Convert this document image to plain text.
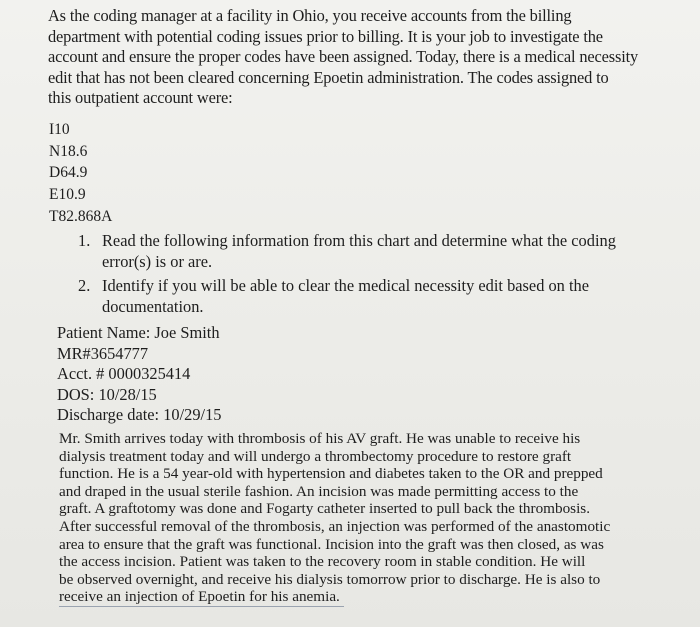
As the coding manager at a facility in Ohio, you receive accounts from the billing
department with potential coding issues prior to billing. It is your job to investigate the
account and ensure the proper codes have been assigned. Today, there is a medical necessity
edit that has not been cleared concerning Epoetin administration. The codes assigned to
this outpatient account were:
I10
N18.6
D64.9
E10.9
T82.868A
1. Read the following information from this chart and determine what the coding
error(s) is or are.
2. Identify if you will be able to clear the medical necessity edit based on the
documentation.
Patient Name: Joe Smith
MR#3654777
Acct. # 0000325414
DOS: 10/28/15
Discharge date: 10/29/15
Mr. Smith arrives today with thrombosis of his AV graft. He was unable to receive his
dialysis treatment today and will undergo a thrombectomy procedure to restore graft
function. He is a 54 year-old with hypertension and diabetes taken to the OR and prepped
and draped in the usual sterile fashion. An incision was made permitting access to the
graft. A graftotomy was done and Fogarty catheter inserted to pull back the thrombosis.
After successful removal of the thrombosis, an injection was performed of the anastomotic
area to ensure that the graft was functional. Incision into the graft was then closed, as was
the access incision. Patient was taken to the recovery room in stable condition. He will
be observed overnight, and receive his dialysis tomorrow prior to discharge. He is also to
receive an injection of Epoetin for his anemia.
